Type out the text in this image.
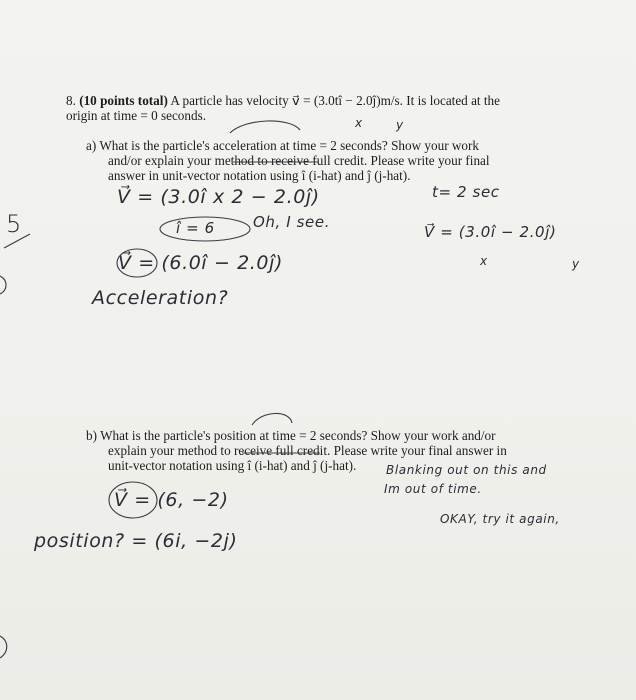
8. (10 points total) A particle has velocity v⃗ = (3.0tî − 2.0ĵ)m/s. It is located at the
origin at time = 0 seconds.	x	y
a) What is the particle's acceleration at time = 2 seconds? Show your work
and/or explain your method to receive full credit. Please write your final
answer in unit-vector notation using î (i-hat) and ĵ (j-hat).
V⃗ = (3.0î x 2 − 2.0ĵ)	t= 2 sec
î = 6	Oh, I see.
V⃗ = (3.0î − 2.0ĵ)
V⃗ = (6.0î − 2.0ĵ)	x	y
Acceleration?
b) What is the particle's position at time = 2 seconds? Show your work and/or
explain your method to receive full credit. Please write your final answer in
unit-vector notation using î (i-hat) and ĵ (j-hat). Blanking out on this and
Im out of time.
V⃗ = (6, −2)
OKAY, try it again,
position? = (6i, −2j)
5
